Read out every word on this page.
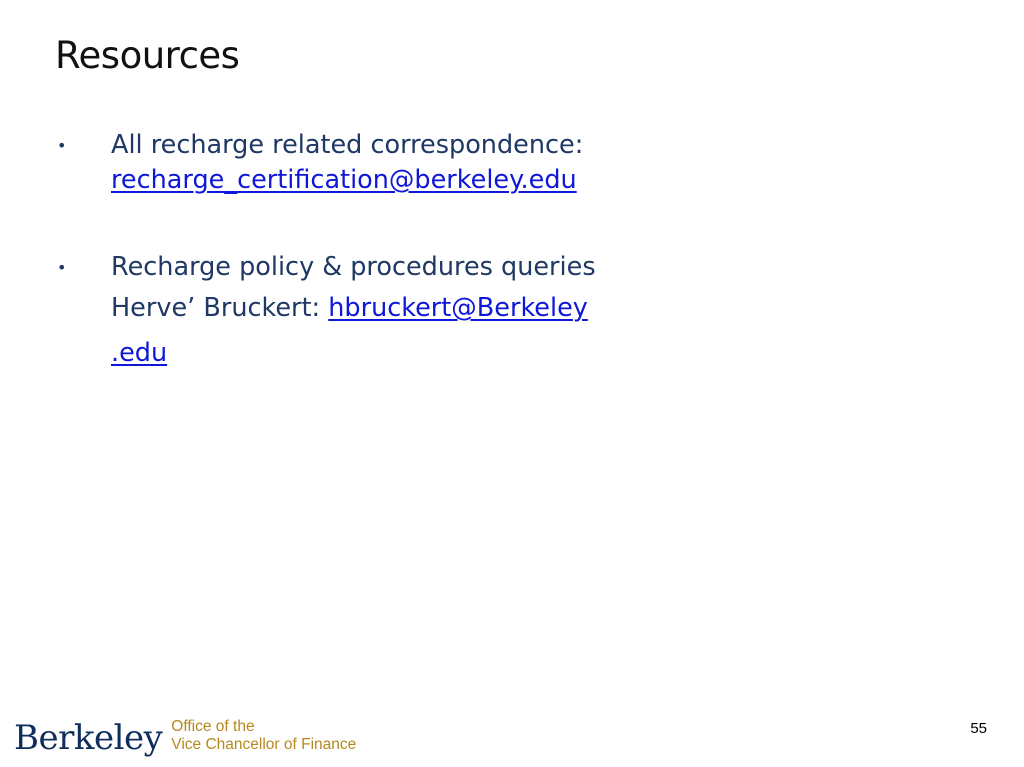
Resources
• All recharge related correspondence:
recharge_certification@berkeley.edu
• Recharge policy & procedures queries
Herve’ Bruckert: hbruckert@Berkeley
.edu
Berkeley Office of the
Vice Chancellor of Finance
55
